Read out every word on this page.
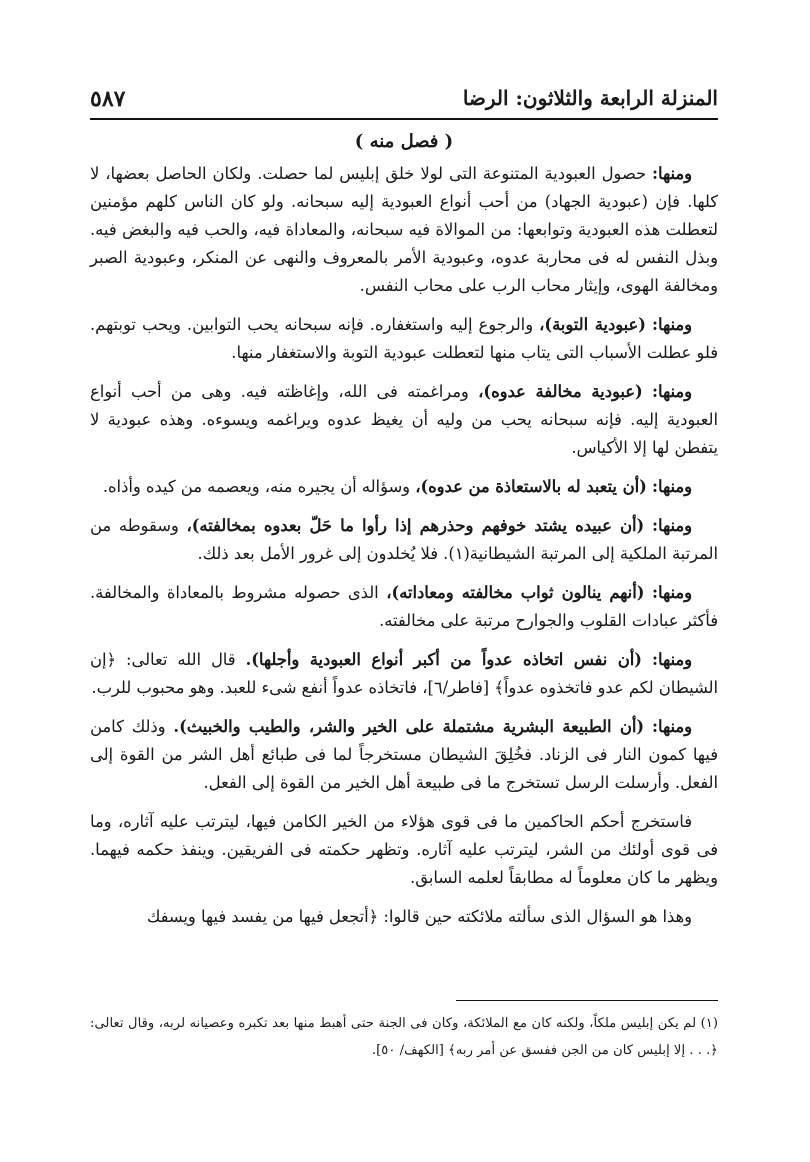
المنزلة الرابعة والثلاثون: الرضا
٥٨٧
( فصل منه )

ومنها: حصول العبودية المتنوعة التى لولا خلق إبليس لما حصلت. ولكان الحاصل بعضها، لا كلها. فإن (عبودية الجهاد) من أحب أنواع العبودية إليه سبحانه. ولو كان الناس كلهم مؤمنين لتعطلت هذه العبودية وتوابعها: من الموالاة فيه سبحانه، والمعاداة فيه، والحب فيه والبغض فيه. وبذل النفس له فى محاربة عدوه، وعبودية الأمر بالمعروف والنهى عن المنكر، وعبودية الصبر ومخالفة الهوى، وإيثار محاب الرب على محاب النفس.

ومنها: (عبودية التوبة)، والرجوع إليه واستغفاره. فإنه سبحانه يحب التوابين. ويحب توبتهم. فلو عطلت الأسباب التى يتاب منها لتعطلت عبودية التوبة والاستغفار منها.

ومنها: (عبودية مخالفة عدوه)، ومراغمته فى الله، وإغاظته فيه. وهى من أحب أنواع العبودية إليه. فإنه سبحانه يحب من وليه أن يغيظ عدوه ويراغمه ويسوءه. وهذه عبودية لا يتفطن لها إلا الأكياس.

ومنها: (أن يتعبد له بالاستعاذة من عدوه)، وسؤاله أن يجيره منه، ويعصمه من كيده وأذاه.

ومنها: (أن عبيده يشتد خوفهم وحذرهم إذا رأوا ما حَلّ بعدوه بمخالفته)، وسقوطه من المرتبة الملكية إلى المرتبة الشيطانية(١). فلا يُخلدون إلى غرور الأمل بعد ذلك.

ومنها: (أنهم ينالون ثواب مخالفته ومعاداته)، الذى حصوله مشروط بالمعاداة والمخالفة. فأكثر عبادات القلوب والجوارح مرتبة على مخالفته.

ومنها: (أن نفس اتخاذه عدواً من أكبر أنواع العبودية وأجلها). قال الله تعالى: ﴿إن الشيطان لكم عدو فاتخذوه عدواً﴾ [فاطر/٦]، فاتخاذه عدواً أنفع شىء للعبد. وهو محبوب للرب.

ومنها: (أن الطبيعة البشرية مشتملة على الخير والشر، والطيب والخبيث). وذلك كامن فيها كمون النار فى الزناد. فخُلِقَ الشيطان مستخرجاً لما فى طبائع أهل الشر من القوة إلى الفعل. وأرسلت الرسل تستخرج ما فى طبيعة أهل الخير من القوة إلى الفعل.

فاستخرج أحكم الحاكمين ما فى قوى هؤلاء من الخير الكامن فيها، ليترتب عليه آثاره، وما فى قوى أولئك من الشر، ليترتب عليه آثاره. وتظهر حكمته فى الفريقين. وينفذ حكمه فيهما. ويظهر ما كان معلوماً له مطابقاً لعلمه السابق.

وهذا هو السؤال الذى سألته ملائكته حين قالوا: ﴿أتجعل فيها من يفسد فيها ويسفك

(١) لم يكن إبليس ملكاً، ولكنه كان مع الملائكة، وكان فى الجنة حتى أهبط منها بعد تكبره وعصيانه لربه، وقال تعالى: ﴿. . . إلا إبليس كان من الجن ففسق عن أمر ربه﴾ [الكهف/ ٥٠].
